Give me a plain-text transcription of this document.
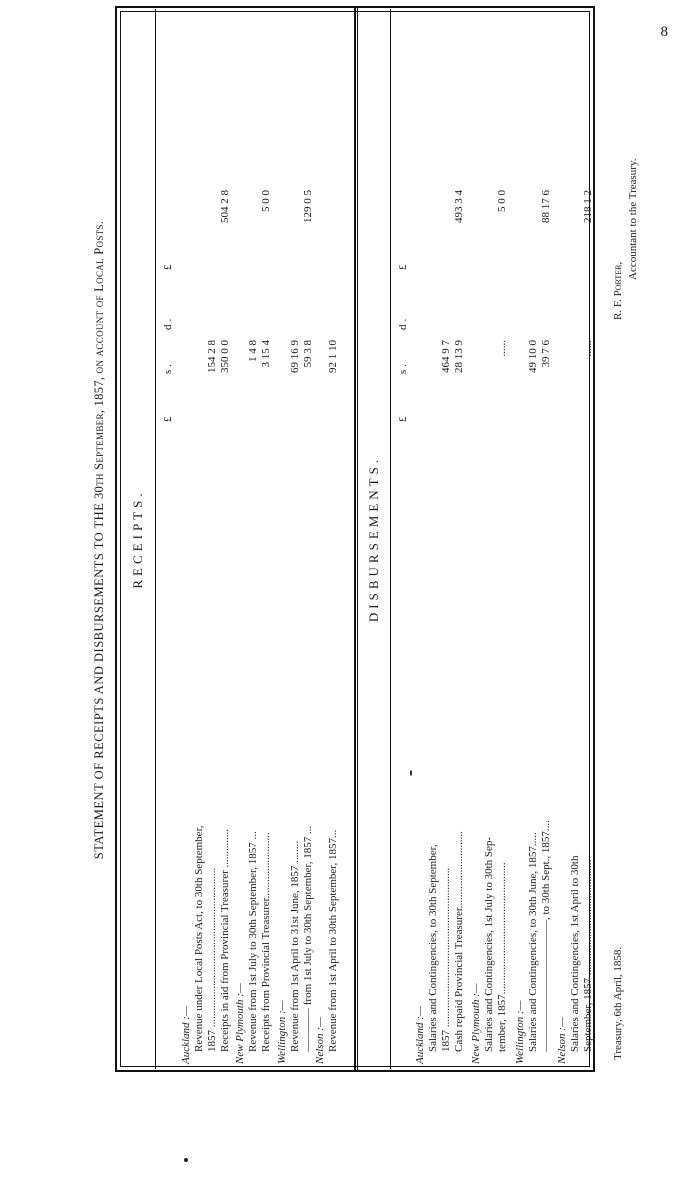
8
STATEMENT OF RECEIPTS AND DISBURSEMENTS TO THE 30th September, 1857, on account of Local Posts.
RECEIPTS.
£
s.
d.
£
Auckland :— Revenue under Local Posts Act, to 30th September, 1857 .......................................................... Receipts in aid from Provincial Treasurer ..............
154 2 8 350 0 0
504 2 8
New Plymouth :— Revenue from 1st July to 30th September, 1857 ... Receipts from Provincial Treasurer........................
1 4 8 3 15 4
5 0 0
Wellington :— Revenue from 1st April to 31st June, 1857 ........ ———— from 1st July to 30th September, 1857 ...
69 16 9 59 3 8
129 0 5
Nelson :— Revenue from 1st April to 30th September, 1857...
92 1 10
DISBURSEMENTS.
£
s.
d.
£
Auckland :— Salaries and Contingencies, to 30th September, 1857 .......................................................... Cash repaid Provincial Treasurer............................
464 9 7 28 13 9
493 3 4
New Plymouth :— Salaries and Contingencies, 1st July to 30th Sep- tember, 1857................................................
......
5 0 0
Wellington :— Salaries and Contingencies, to 30th June, 1857..... ————————————, to 30th Sept., 1857....
49 10 0 39 7 6
88 17 6
Nelson :— Salaries and Contingencies, 1st April to 30th September, 1857 ..........................................
......
218 1 2
Treasury, 6th April, 1858.
R. F. Porter,
Accountant to the Treasury.
